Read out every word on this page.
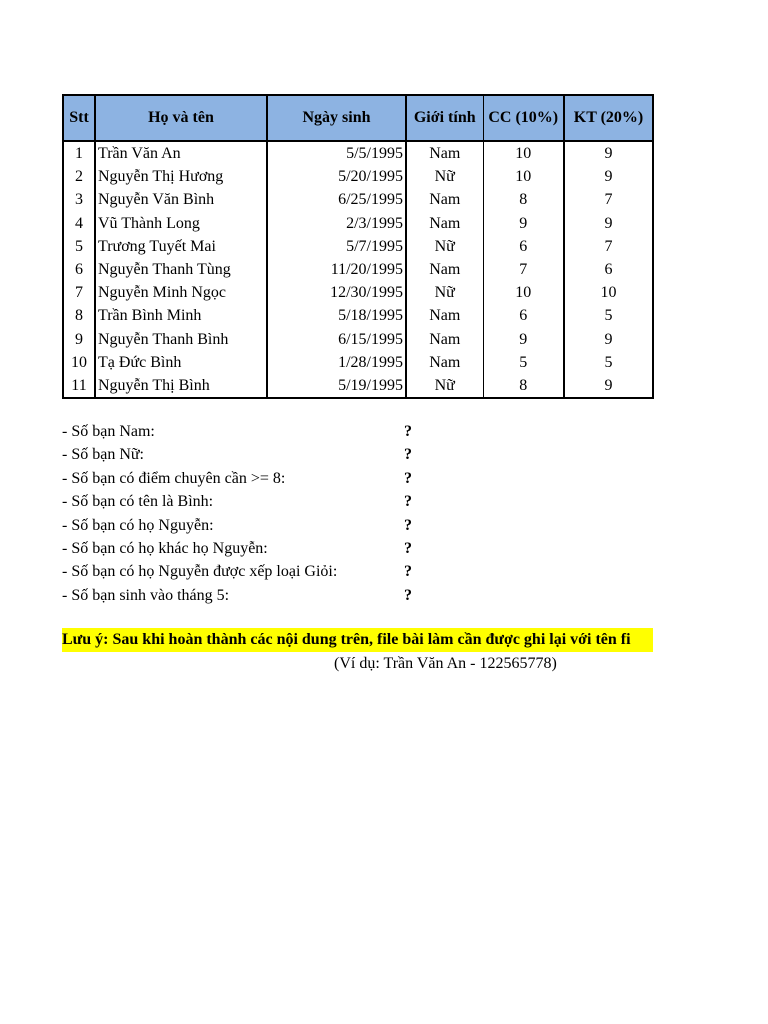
Stt	Họ và tên	Ngày sinh	Giới tính	CC (10%)	KT (20%)
1	Trần Văn An	5/5/1995	Nam	10	9
2	Nguyễn Thị Hương	5/20/1995	Nữ	10	9
3	Nguyễn Văn Bình	6/25/1995	Nam	8	7
4	Vũ Thành Long	2/3/1995	Nam	9	9
5	Trương Tuyết Mai	5/7/1995	Nữ	6	7
6	Nguyễn Thanh Tùng	11/20/1995	Nam	7	6
7	Nguyễn Minh Ngọc	12/30/1995	Nữ	10	10
8	Trần Bình Minh	5/18/1995	Nam	6	5
9	Nguyễn Thanh Bình	6/15/1995	Nam	9	9
10	Tạ Đức Bình	1/28/1995	Nam	5	5
11	Nguyễn Thị Bình	5/19/1995	Nữ	8	9
- Số bạn Nam:	?
- Số bạn Nữ:	?
- Số bạn có điểm chuyên cần >= 8:	?
- Số bạn có tên là Bình:	?
- Số bạn có họ Nguyễn:	?
- Số bạn có họ khác họ Nguyễn:	?
- Số bạn có họ Nguyễn được xếp loại Giỏi:	?
- Số bạn sinh vào tháng 5:	?
Lưu ý: Sau khi hoàn thành các nội dung trên, file bài làm cần được ghi lại với tên fi
(Ví dụ: Trần Văn An - 122565778)
